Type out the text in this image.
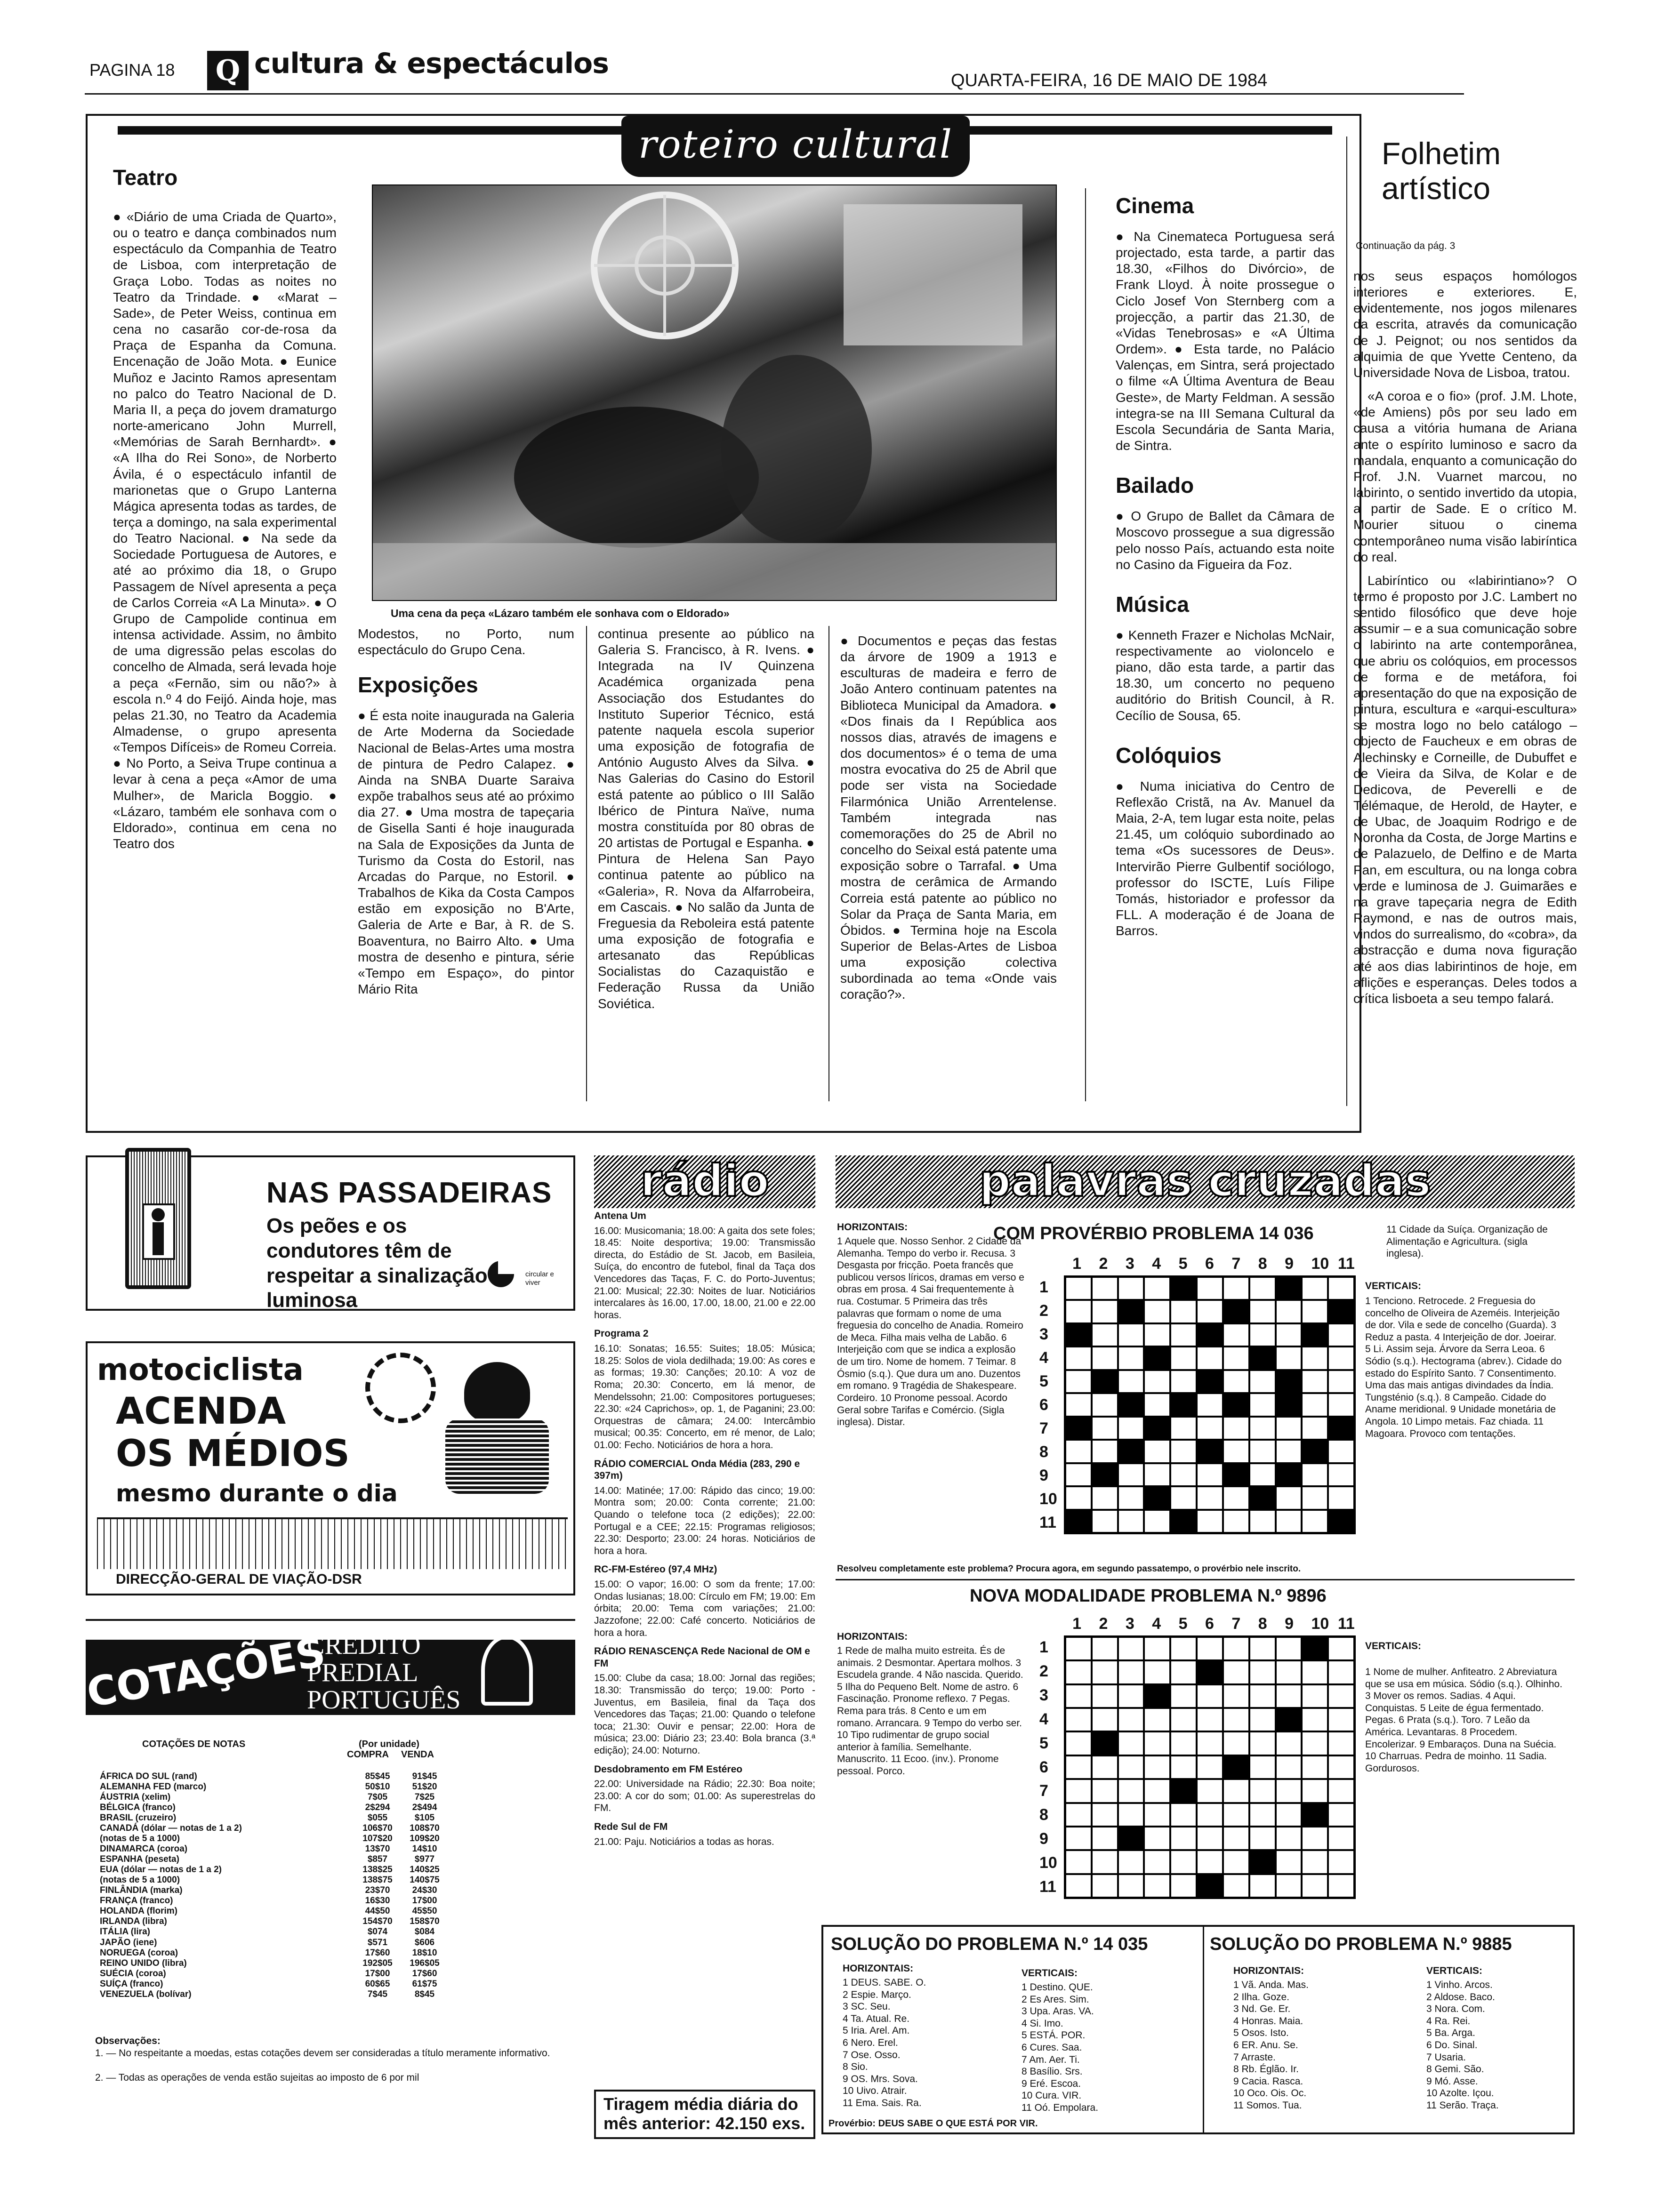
PAGINA 18 Q cultura & espectáculos
QUARTA-FEIRA, 16 DE MAIO DE 1984
roteiro cultural
Teatro
● «Diário de uma Criada de Quarto», ou o teatro e dança combinados num espectáculo da Companhia de Teatro de Lisboa, com interpretação de Graça Lobo. Todas as noites no Teatro da Trindade. ● «Marat – Sade», de Peter Weiss, continua em cena no casarão cor-de-rosa da Praça de Espanha da Comuna. Encenação de João Mota. ● Eunice Muñoz e Jacinto Ramos apresentam no palco do Teatro Nacional de D. Maria II, a peça do jovem dramaturgo norte-americano John Murrell, «Memórias de Sarah Bernhardt». ● «A Ilha do Rei Sono», de Norberto Ávila, é o espectáculo infantil de marionetas que o Grupo Lanterna Mágica apresenta todas as tardes, de terça a domingo, na sala experimental do Teatro Nacional. ● Na sede da Sociedade Portuguesa de Autores, e até ao próximo dia 18, o Grupo Passagem de Nível apresenta a peça de Carlos Correia «A La Minuta». ● O Grupo de Campolide continua em intensa actividade. Assim, no âmbito de uma digressão pelas escolas do concelho de Almada, será levada hoje a peça «Fernão, sim ou não?» à escola n.º 4 do Feijó. Ainda hoje, mas pelas 21.30, no Teatro da Academia Almadense, o grupo apresenta «Tempos Difíceis» de Romeu Correia. ● No Porto, a Seiva Trupe continua a levar à cena a peça «Amor de uma Mulher», de Maricla Boggio. ● «Lázaro, também ele sonhava com o Eldorado», continua em cena no Teatro dos
Uma cena da peça «Lázaro também ele sonhava com o Eldorado»
Modestos, no Porto, num espectáculo do Grupo Cena.
Exposições
● É esta noite inaugurada na Galeria de Arte Moderna da Sociedade Nacional de Belas-Artes uma mostra de pintura de Pedro Calapez. ● Ainda na SNBA Duarte Saraiva expõe trabalhos seus até ao próximo dia 27. ● Uma mostra de tapeçaria de Gisella Santi é hoje inaugurada na Sala de Exposições da Junta de Turismo da Costa do Estoril, nas Arcadas do Parque, no Estoril. ● Trabalhos de Kika da Costa Campos estão em exposição no B'Arte, Galeria de Arte e Bar, à R. de S. Boaventura, no Bairro Alto. ● Uma mostra de desenho e pintura, série «Tempo em Espaço», do pintor Mário Rita
continua presente ao público na Galeria S. Francisco, à R. Ivens. ● Integrada na IV Quinzena Académica organizada pena Associação dos Estudantes do Instituto Superior Técnico, está patente naquela escola superior uma exposição de fotografia de António Augusto Alves da Silva. ● Nas Galerias do Casino do Estoril está patente ao público o III Salão Ibérico de Pintura Naïve, numa mostra constituída por 80 obras de 20 artistas de Portugal e Espanha. ● Pintura de Helena San Payo continua patente ao público na «Galeria», R. Nova da Alfarrobeira, em Cascais. ● No salão da Junta de Freguesia da Reboleira está patente uma exposição de fotografia e artesanato das Repúblicas Socialistas do Cazaquistão e Federação Russa da União Soviética.
● Documentos e peças das festas da árvore de 1909 a 1913 e esculturas de madeira e ferro de João Antero continuam patentes na Biblioteca Municipal da Amadora. ● «Dos finais da I República aos nossos dias, através de imagens e dos documentos» é o tema de uma mostra evocativa do 25 de Abril que pode ser vista na Sociedade Filarmónica União Arrentelense. Também integrada nas comemorações do 25 de Abril no concelho do Seixal está patente uma exposição sobre o Tarrafal. ● Uma mostra de cerâmica de Armando Correia está patente ao público no Solar da Praça de Santa Maria, em Óbidos. ● Termina hoje na Escola Superior de Belas-Artes de Lisboa uma exposição colectiva subordinada ao tema «Onde vais coração?».
Cinema
● Na Cinemateca Portuguesa será projectado, esta tarde, a partir das 18.30, «Filhos do Divórcio», de Frank Lloyd. À noite prossegue o Ciclo Josef Von Sternberg com a projecção, a partir das 21.30, de «Vidas Tenebrosas» e «A Última Ordem». ● Esta tarde, no Palácio Valenças, em Sintra, será projectado o filme «A Última Aventura de Beau Geste», de Marty Feldman. A sessão integra-se na III Semana Cultural da Escola Secundária de Santa Maria, de Sintra.
Bailado
● O Grupo de Ballet da Câmara de Moscovo prossegue a sua digressão pelo nosso País, actuando esta noite no Casino da Figueira da Foz.
Música
● Kenneth Frazer e Nicholas McNair, respectivamente ao violoncelo e piano, dão esta tarde, a partir das 18.30, um concerto no pequeno auditório do British Council, à R. Cecílio de Sousa, 65.
Colóquios
● Numa iniciativa do Centro de Reflexão Cristã, na Av. Manuel da Maia, 2-A, tem lugar esta noite, pelas 21.45, um colóquio subordinado ao tema «Os sucessores de Deus». Intervirão Pierre Gulbentif sociólogo, professor do ISCTE, Luís Filipe Tomás, historiador e professor da FLL. A moderação é de Joana de Barros.
Folhetim artístico
Continuação da pág. 3

nos seus espaços homólogos interiores e exteriores. E, evidentemente, nos jogos milenares da escrita, através da comunicação de J. Peignot; ou nos sentidos da alquimia de que Yvette Centeno, da Universidade Nova de Lisboa, tratou.

«A coroa e o fio» (prof. J.M. Lhote, «de Amiens) pôs por seu lado em causa a vitória humana de Ariana ante o espírito luminoso e sacro da mandala, enquanto a comunicação do Prof. J.N. Vuarnet marcou, no labirinto, o sentido invertido da utopia, a partir de Sade. E o crítico M. Mourier situou o cinema contemporâneo numa visão labiríntica do real.

Labiríntico ou «labirintiano»? O termo é proposto por J.C. Lambert no sentido filosófico que deve hoje assumir – e a sua comunicação sobre o labirinto na arte contemporânea, que abriu os colóquios, em processos de forma e de metáfora, foi apresentação do que na exposição de pintura, escultura e «arqui-escultura» se mostra logo no belo catálogo – objecto de Faucheux e em obras de Alechinsky e Corneille, de Dubuffet e de Vieira da Silva, de Kolar e de Dedicova, de Peverelli e de Télémaque, de Herold, de Hayter, e de Ubac, de Joaquim Rodrigo e de Noronha da Costa, de Jorge Martins e de Palazuelo, de Delfino e de Marta Pan, em escultura, ou na longa cobra verde e luminosa de J. Guimarães e na grave tapeçaria negra de Edith Raymond, e nas de outros mais, vindos do surrealismo, do «cobra», da abstracção e duma nova figuração até aos dias labirintinos de hoje, em aflições e esperanças. Deles todos a crítica lisboeta a seu tempo falará.

NAS PASSADEIRAS
Os peões e os condutores têm de respeitar a sinalização luminosa
circular e viver
motociclista
ACENDA
OS MÉDIOS
mesmo durante o dia
DIRECÇÃO-GERAL DE VIAÇÃO-DSR
COTAÇÕES
CRÉDITO
PREDIAL
PORTUGUÊS
COTAÇÕES DE NOTAS	(Por unidade)
COMPRA VENDA
ÁFRICA DO SUL (rand)	85$45	91$45
ALEMANHA FED (marco)	50$10	51$20
ÁUSTRIA (xelim)	7$05	7$25
BÉLGICA (franco)	2$294	2$494
BRASIL (cruzeiro)	$055	$105
CANADÁ (dólar — notas de 1 a 2)	106$70	108$70
(notas de 5 a 1000)	107$20	109$20
DINAMARCA (coroa)	13$70	14$10
ESPANHA (peseta)	$857	$977
EUA (dólar — notas de 1 a 2)	138$25	140$25
(notas de 5 a 1000)	138$75	140$75
FINLÂNDIA (marka)	23$70	24$30
FRANÇA (franco)	16$30	17$00
HOLANDA (florim)	44$50	45$50
IRLANDA (libra)	154$70	158$70
ITÁLIA (lira)	$074	$084
JAPÃO (iene)	$571	$606
NORUEGA (coroa)	17$60	18$10
REINO UNIDO (libra)	192$05	196$05
SUÉCIA (coroa)	17$00	17$60
SUÍÇA (franco)	60$65	61$75
VENEZUELA (bolívar)	7$45	8$45
Observações:
1. — No respeitante a moedas, estas cotações devem ser consideradas a título meramente informativo.
2. — Todas as operações de venda estão sujeitas ao imposto de 6 por mil
rádio
Antena Um
16.00: Musicomania; 18.00: A gaita dos sete foles; 18.45: Noite desportiva; 19.00: Transmissão directa, do Estádio de St. Jacob, em Basileia, Suíça, do encontro de futebol, final da Taça dos Vencedores das Taças, F. C. do Porto-Juventus; 21.00: Musical; 22.30: Noites de luar. Noticiários intercalares às 16.00, 17.00, 18.00, 21.00 e 22.00 horas.
Programa 2
16.10: Sonatas; 16.55: Suites; 18.05: Música; 18.25: Solos de viola dedilhada; 19.00: As cores e as formas; 19.30: Canções; 20.10: A voz de Roma; 20.30: Concerto, em lá menor, de Mendelssohn; 21.00: Compositores portugueses; 22.30: «24 Caprichos», op. 1, de Paganini; 23.00: Orquestras de câmara; 24.00: Intercâmbio musical; 00.35: Concerto, em ré menor, de Lalo; 01.00: Fecho. Noticiários de hora a hora.
RÁDIO COMERCIAL Onda Média (283, 290 e 397m)
14.00: Matinée; 17.00: Rápido das cinco; 19.00: Montra som; 20.00: Conta corrente; 21.00: Quando o telefone toca (2 edições); 22.00: Portugal e a CEE; 22.15: Programas religiosos; 22.30: Desporto; 23.00: 24 horas. Noticiários de hora a hora.
RC-FM-Estéreo (97,4 MHz)
15.00: O vapor; 16.00: O som da frente; 17.00: Ondas lusianas; 18.00: Círculo em FM; 19.00: Em órbita; 20.00: Tema com variações; 21.00: Jazzofone; 22.00: Café concerto. Noticiários de hora a hora.
RÁDIO RENASCENÇA Rede Nacional de OM e FM
15.00: Clube da casa; 18.00: Jornal das regiões; 18.30: Transmissão do terço; 19.00: Porto - Juventus, em Basileia, final da Taça dos Vencedores das Taças; 21.00: Quando o telefone toca; 21.30: Ouvir e pensar; 22.00: Hora de música; 23.00: Diário 23; 23.40: Bola branca (3.ª edição); 24.00: Noturno.
Desdobramento em FM Estéreo
22.00: Universidade na Rádio; 22.30: Boa noite; 23.00: A cor do som; 01.00: As superestrelas do FM.
Rede Sul de FM
21.00: Paju. Noticiários a todas as horas.
Tiragem média diária do mês anterior: 42.150 exs.
palavras cruzadas
COM PROVÉRBIO PROBLEMA 14 036
HORIZONTAIS:
1 Aquele que. Nosso Senhor. 2 Cidade da Alemanha. Tempo do verbo ir. Recusa. 3 Desgasta por fricção. Poeta francês que publicou versos líricos, dramas em verso e obras em prosa. 4 Sai frequentemente à rua. Costumar. 5 Primeira das três palavras que formam o nome de uma freguesia do concelho de Anadia. Romeiro de Meca. Filha mais velha de Labão. 6 Interjeição com que se indica a explosão de um tiro. Nome de homem. 7 Teimar. 8 Ósmio (s.q.). Que dura um ano. Duzentos em romano. 9 Tragédia de Shakespeare. Cordeiro. 10 Pronome pessoal. Acordo Geral sobre Tarifas e Comércio. (Sigla inglesa). Distar.
11 Cidade da Suíça. Organização de Alimentação e Agricultura. (sigla inglesa).
VERTICAIS:
1 Tenciono. Retrocede. 2 Freguesia do concelho de Oliveira de Azeméis. Interjeição de dor. Vila e sede de concelho (Guarda). 3 Reduz a pasta. 4 Interjeição de dor. Joeirar. 5 Li. Assim seja. Árvore da Serra Leoa. 6 Sódio (s.q.). Hectograma (abrev.). Cidade do estado do Espírito Santo. 7 Consentimento. Uma das mais antigas divindades da Índia. Tungsténio (s.q.). 8 Campeão. Cidade do Aname meridional. 9 Unidade monetária de Angola. 10 Limpo metais. Faz chiada. 11 Magoara. Provoco com tentações.
1 2 3 4 5 6 7 8 9 10 11
1
2
3
4
5
6
7
8
9
10
11
Resolveu completamente este problema? Procura agora, em segundo passatempo, o provérbio nele inscrito.
NOVA MODALIDADE PROBLEMA N.º 9896
HORIZONTAIS:
1 Rede de malha muito estreita. És de animais. 2 Desmontar. Apertara molhos. 3 Escudela grande. 4 Não nascida. Querido. 5 Ilha do Pequeno Belt. Nome de astro. 6 Fascinação. Pronome reflexo. 7 Pegas. Rema para trás. 8 Cento e um em romano. Arrancara. 9 Tempo do verbo ser. 10 Tipo rudimentar de grupo social anterior à família. Semelhante. Manuscrito. 11 Ecoo. (inv.). Pronome pessoal. Porco.
VERTICAIS:
1 Nome de mulher. Anfiteatro. 2 Abreviatura que se usa em música. Sódio (s.q.). Olhinho. 3 Mover os remos. Sadias. 4 Aqui. Conquistas. 5 Leite de égua fermentado. Pegas. 6 Prata (s.q.). Toro. 7 Leão da América. Levantaras. 8 Procedem. Encolerizar. 9 Embaraços. Duna na Suécia. 10 Charruas. Pedra de moinho. 11 Sadia. Gordurosos.
1 2 3 4 5 6 7 8 9 10 11
1
2
3
4
5
6
7
8
9
10
11
SOLUÇÃO DO PROBLEMA N.º 14 035
HORIZONTAIS:
1 DEUS. SABE. O.
2 Espie. Março.
3 SC. Seu.
4 Ta. Atual. Re.
5 Iria. Arel. Am.
6 Nero. Erel.
7 Ose. Osso.
8 Sio.
9 OS. Mrs. Sova.
10 Uivo. Atrair.
11 Ema. Sais. Ra.
VERTICAIS:
1 Destino. QUE.
2 Es Ares. Sim.
3 Upa. Aras. VA.
4 Si. Imo.
5 ESTÁ. POR.
6 Cures. Saa.
7 Am. Aer. Ti.
8 Basílio. Srs.
9 Eré. Escoa.
10 Cura. VIR.
11 Oó. Empolara.
Provérbio: DEUS SABE O QUE ESTÁ POR VIR.
SOLUÇÃO DO PROBLEMA N.º 9885
HORIZONTAIS:
1 Vã. Anda. Mas.
2 Ilha. Goze.
3 Nd. Ge. Er.
4 Honras. Maia.
5 Osos. Isto.
6 ER. Anu. Se.
7 Arraste.
8 Rb. Églão. Ir.
9 Cacia. Rasca.
10 Oco. Ois. Oc.
11 Somos. Tua.
VERTICAIS:
1 Vinho. Arcos.
2 Aldose. Baco.
3 Nora. Com.
4 Ra. Rei.
5 Ba. Arga.
6 Do. Sinal.
7 Usaria.
8 Gemi. São.
9 Mó. Asse.
10 Azolte. Içou.
11 Serão. Traça.
